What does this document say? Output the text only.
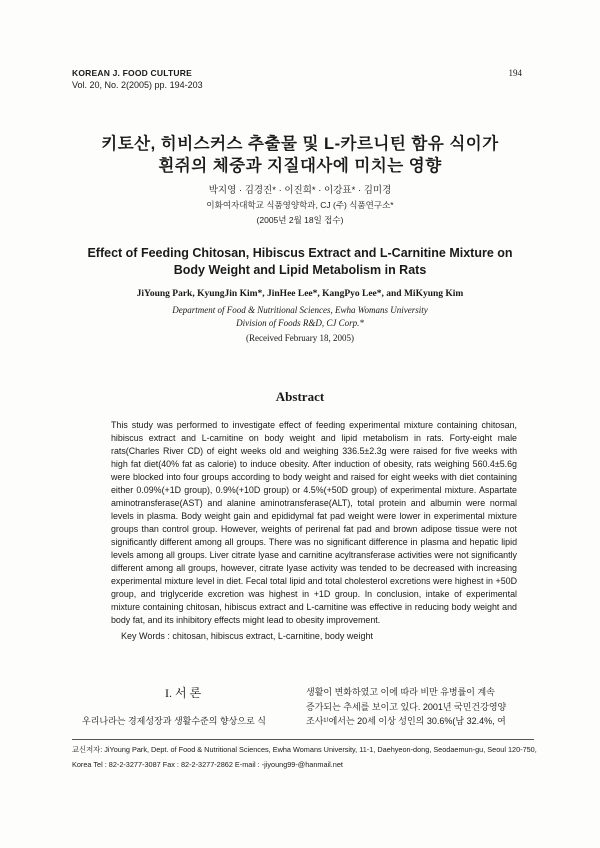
KOREAN J. FOOD CULTURE
Vol. 20, No. 2(2005) pp. 194-203
194
키토산, 히비스커스 추출물 및 L-카르니틴 함유 식이가
흰쥐의 체중과 지질대사에 미치는 영향
박지영 · 김경진* · 이진희* · 이강표* · 김미경
이화여자대학교 식품영양학과, CJ (주) 식품연구소*
(2005년 2월 18일 접수)
Effect of Feeding Chitosan, Hibiscus Extract and L-Carnitine Mixture on
Body Weight and Lipid Metabolism in Rats
JiYoung Park, KyungJin Kim*, JinHee Lee*, KangPyo Lee*, and MiKyung Kim
Department of Food & Nutritional Sciences, Ewha Womans University
Division of Foods R&D, CJ Corp.*
(Received February 18, 2005)
Abstract
This study was performed to investigate effect of feeding experimental mixture containing chitosan, hibiscus extract and L-carnitine on body weight and lipid metabolism in rats. Forty-eight male rats(Charles River CD) of eight weeks old and weighing 336.5±2.3g were raised for five weeks with high fat diet(40% fat as calorie) to induce obesity. After induction of obesity, rats weighing 560.4±5.6g were blocked into four groups according to body weight and raised for eight weeks with diet containing either 0.09%(+1D group), 0.9%(+10D group) or 4.5%(+50D group) of experimental mixture. Aspartate aminotransferase(AST) and alanine aminotransferase(ALT), total protein and albumin were normal levels in plasma. Body weight gain and epididymal fat pad weight were lower in experimental mixture groups than control group. However, weights of perirenal fat pad and brown adipose tissue were not significantly different among all groups. There was no significant difference in plasma and hepatic lipid levels among all groups. Liver citrate lyase and carnitine acyltransferase activities were not significantly different among all groups, however, citrate lyase activity was tended to be decreased with increasing experimental mixture level in diet. Fecal total lipid and total cholesterol excretions were highest in +50D group, and triglyceride excretion was highest in +1D group. In conclusion, intake of experimental mixture containing chitosan, hibiscus extract and L-carnitine was effective in reducing body weight and body fat, and its inhibitory effects might lead to obesity improvement.
Key Words : chitosan, hibiscus extract, L-carnitine, body weight
I. 서 론
우리나라는 경제성장과 생활수준의 향상으로 식
생활이 변화하였고 이에 따라 비만 유병률이 계속
증가되는 추세를 보이고 있다. 2001년 국민건강영양
조사¹⁾에서는 20세 이상 성인의 30.6%(남 32.4%, 여
교신저자: JiYoung Park, Dept. of Food & Nutritional Sciences, Ewha Womans University, 11-1, Daehyeon-dong, Seodaemun-gu, Seoul 120-750,
Korea Tel : 82-2-3277-3087 Fax : 82-2-3277-2862 E-mail : -jiyoung99-@hanmail.net
